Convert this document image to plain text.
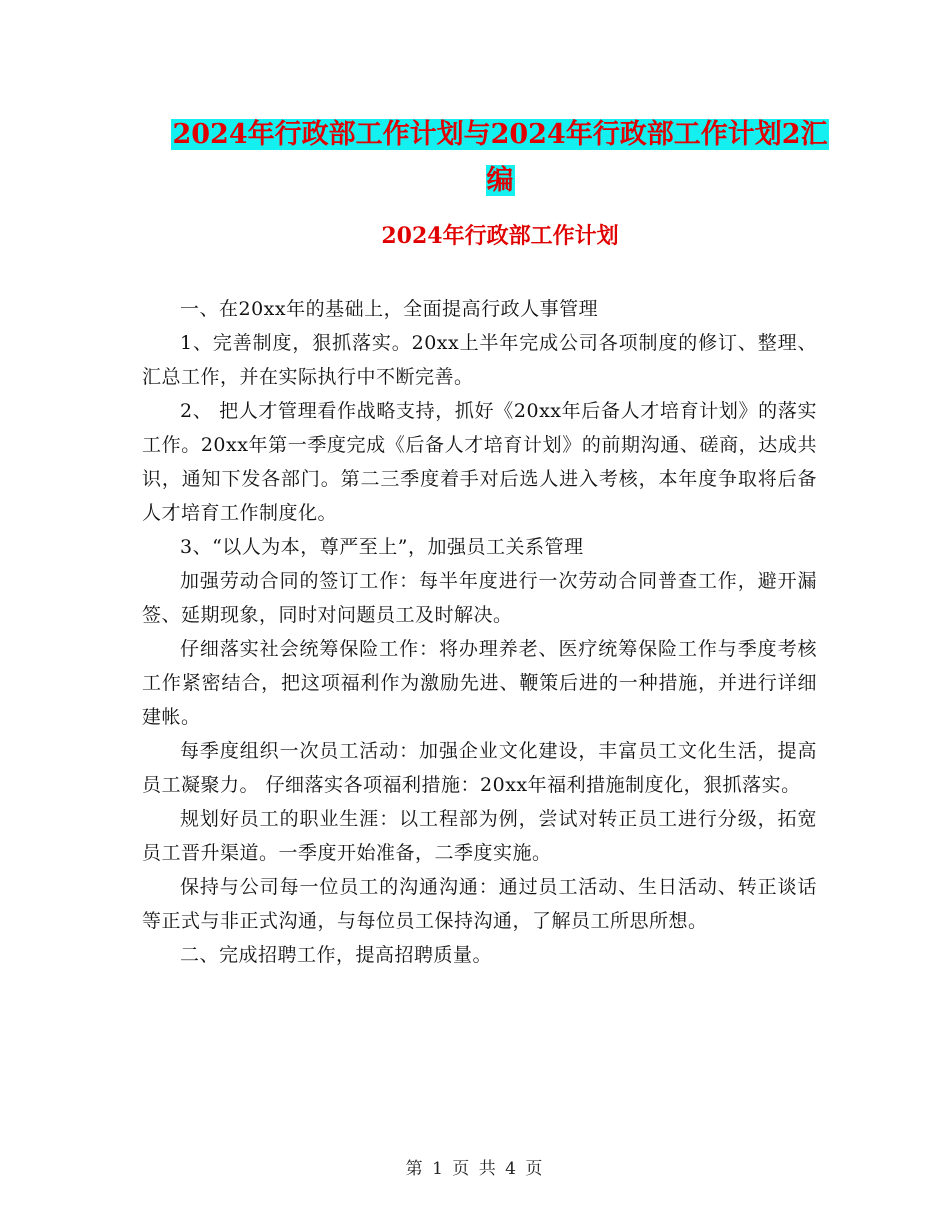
2024年行政部工作计划与2024年行政部工作计划2汇
编
2024年行政部工作计划

一、在20xx年的基础上，全面提高行政人事管理

1、完善制度，狠抓落实。20xx上半年完成公司各项制度的修订、整理、汇总工作，并在实际执行中不断完善。

2、 把人才管理看作战略支持，抓好《20xx年后备人才培育计划》的落实工作。20xx年第一季度完成《后备人才培育计划》的前期沟通、磋商，达成共识，通知下发各部门。第二三季度着手对后选人进入考核，本年度争取将后备人才培育工作制度化。

3、“以人为本，尊严至上”，加强员工关系管理

加强劳动合同的签订工作：每半年度进行一次劳动合同普查工作，避开漏签、延期现象，同时对问题员工及时解决。

仔细落实社会统筹保险工作：将办理养老、医疗统筹保险工作与季度考核工作紧密结合，把这项福利作为激励先进、鞭策后进的一种措施，并进行详细建帐。

每季度组织一次员工活动：加强企业文化建设，丰富员工文化生活，提高员工凝聚力。 仔细落实各项福利措施：20xx年福利措施制度化，狠抓落实。

规划好员工的职业生涯：以工程部为例，尝试对转正员工进行分级，拓宽员工晋升渠道。一季度开始准备，二季度实施。

保持与公司每一位员工的沟通沟通：通过员工活动、生日活动、转正谈话等正式与非正式沟通，与每位员工保持沟通，了解员工所思所想。

二、完成招聘工作，提高招聘质量。

第 1 页 共 4 页
